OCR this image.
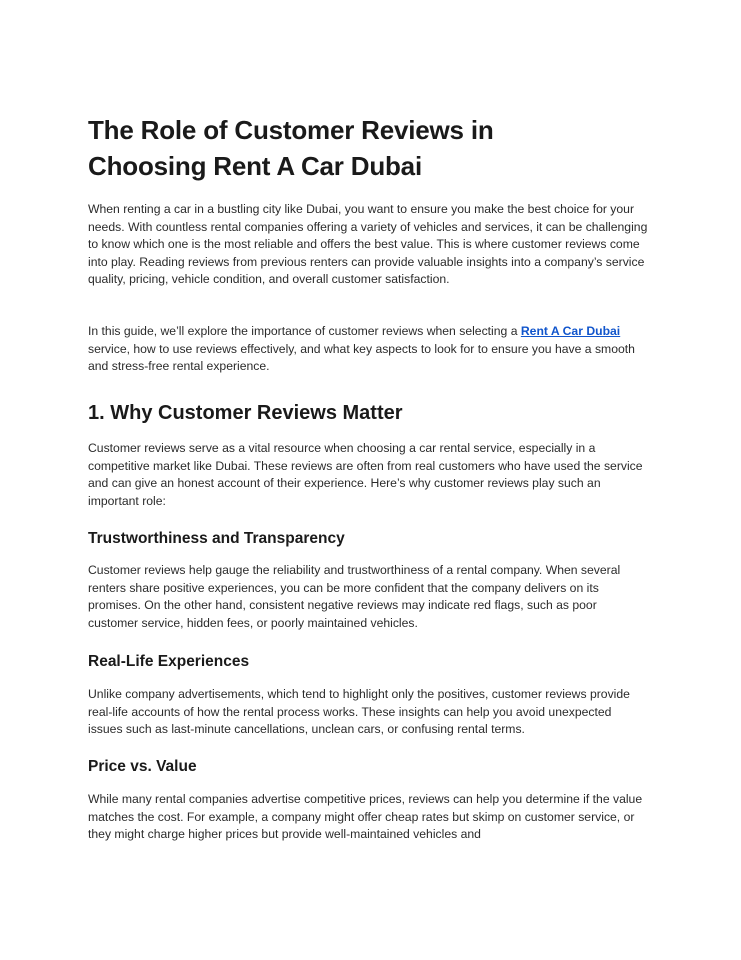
The Role of Customer Reviews in
Choosing Rent A Car Dubai

When renting a car in a bustling city like Dubai, you want to ensure you make the best choice for your needs. With countless rental companies offering a variety of vehicles and services, it can be challenging to know which one is the most reliable and offers the best value. This is where customer reviews come into play. Reading reviews from previous renters can provide valuable insights into a company’s service quality, pricing, vehicle condition, and overall customer satisfaction.

In this guide, we’ll explore the importance of customer reviews when selecting a Rent A Car Dubai service, how to use reviews effectively, and what key aspects to look for to ensure you have a smooth and stress-free rental experience.

1. Why Customer Reviews Matter

Customer reviews serve as a vital resource when choosing a car rental service, especially in a competitive market like Dubai. These reviews are often from real customers who have used the service and can give an honest account of their experience. Here’s why customer reviews play such an important role:

Trustworthiness and Transparency

Customer reviews help gauge the reliability and trustworthiness of a rental company. When several renters share positive experiences, you can be more confident that the company delivers on its promises. On the other hand, consistent negative reviews may indicate red flags, such as poor customer service, hidden fees, or poorly maintained vehicles.

Real-Life Experiences

Unlike company advertisements, which tend to highlight only the positives, customer reviews provide real-life accounts of how the rental process works. These insights can help you avoid unexpected issues such as last-minute cancellations, unclean cars, or confusing rental terms.

Price vs. Value

While many rental companies advertise competitive prices, reviews can help you determine if the value matches the cost. For example, a company might offer cheap rates but skimp on customer service, or they might charge higher prices but provide well-maintained vehicles and
